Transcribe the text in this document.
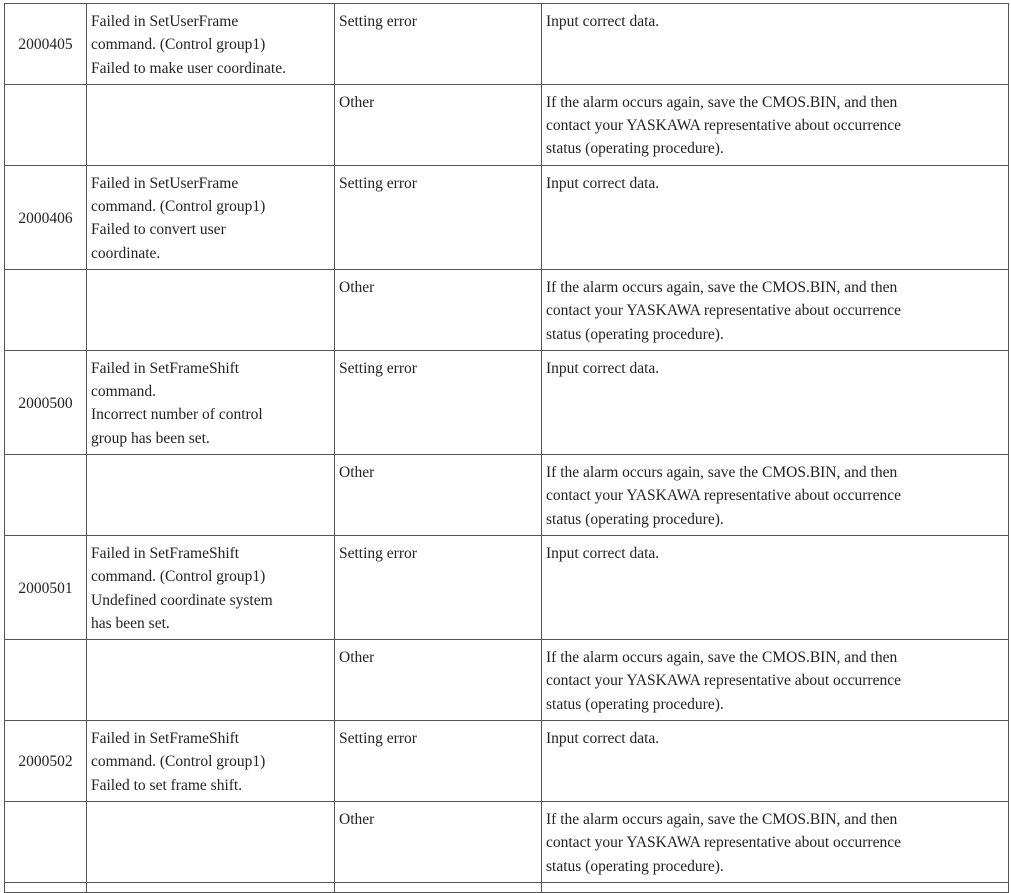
2000405	Failed in SetUserFrame
command. (Control group1)
Failed to make user coordinate.	Setting error	Input correct data.

		Other	If the alarm occurs again, save the CMOS.BIN, and then
contact your YASKAWA representative about occurrence
status (operating procedure).

2000406	Failed in SetUserFrame
command. (Control group1)
Failed to convert user
coordinate.	Setting error	Input correct data.

		Other	If the alarm occurs again, save the CMOS.BIN, and then
contact your YASKAWA representative about occurrence
status (operating procedure).

2000500	Failed in SetFrameShift
command.
Incorrect number of control
group has been set.	Setting error	Input correct data.

		Other	If the alarm occurs again, save the CMOS.BIN, and then
contact your YASKAWA representative about occurrence
status (operating procedure).

2000501	Failed in SetFrameShift
command. (Control group1)
Undefined coordinate system
has been set.	Setting error	Input correct data.

		Other	If the alarm occurs again, save the CMOS.BIN, and then
contact your YASKAWA representative about occurrence
status (operating procedure).

2000502	Failed in SetFrameShift
command. (Control group1)
Failed to set frame shift.	Setting error	Input correct data.

		Other	If the alarm occurs again, save the CMOS.BIN, and then
contact your YASKAWA representative about occurrence
status (operating procedure).
